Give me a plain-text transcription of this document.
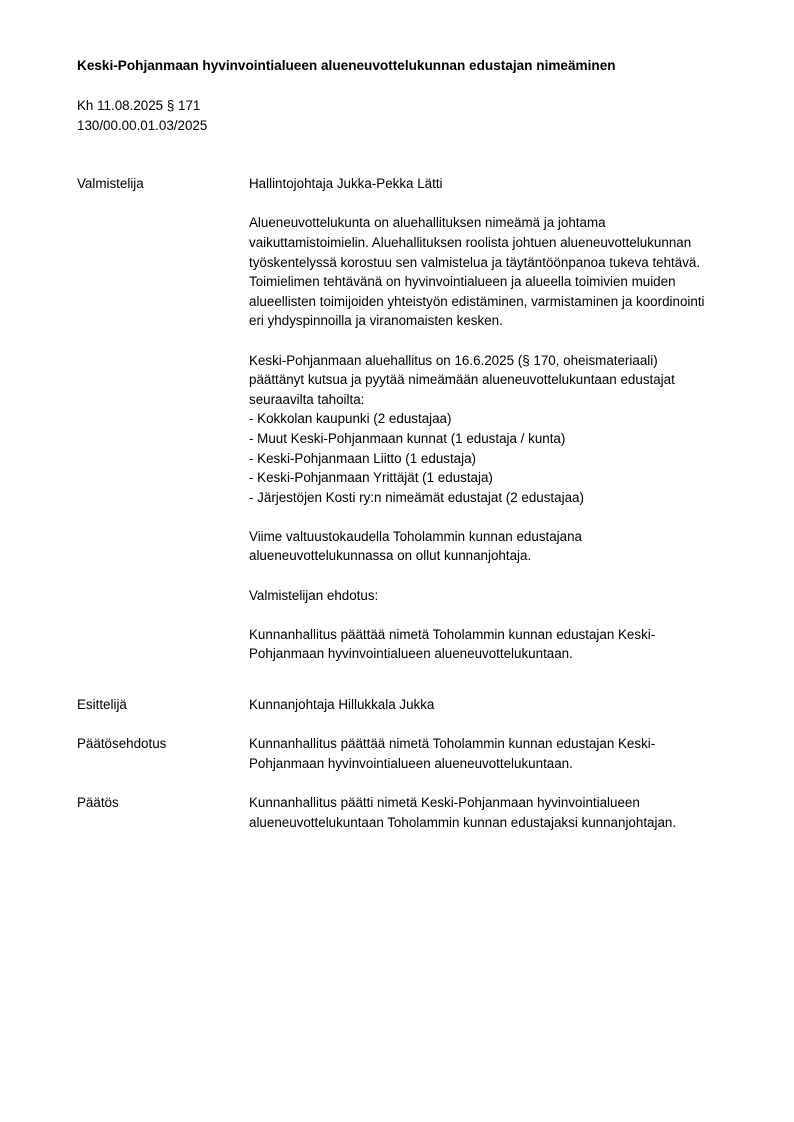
Keski-Pohjanmaan hyvinvointialueen alueneuvottelukunnan edustajan nimeäminen
Kh 11.08.2025 § 171
130/00.00.01.03/2025
Valmistelija	Hallintojohtaja Jukka-Pekka Lätti

Alueneuvottelukunta on aluehallituksen nimeämä ja johtama
vaikuttamistoimielin. Aluehallituksen roolista johtuen alueneuvottelukunnan
työskentelyssä korostuu sen valmistelua ja täytäntöönpanoa tukeva tehtävä.
Toimielimen tehtävänä on hyvinvointialueen ja alueella toimivien muiden
alueellisten toimijoiden yhteistyön edistäminen, varmistaminen ja koordinointi
eri yhdyspinnoilla ja viranomaisten kesken.

Keski-Pohjanmaan aluehallitus on 16.6.2025 (§ 170, oheismateriaali)
päättänyt kutsua ja pyytää nimeämään alueneuvottelukuntaan edustajat
seuraavilta tahoilta:
- Kokkolan kaupunki (2 edustajaa)
- Muut Keski-Pohjanmaan kunnat (1 edustaja / kunta)
- Keski-Pohjanmaan Liitto (1 edustaja)
- Keski-Pohjanmaan Yrittäjät (1 edustaja)
- Järjestöjen Kosti ry:n nimeämät edustajat (2 edustajaa)

Viime valtuustokaudella Toholammin kunnan edustajana
alueneuvottelukunnassa on ollut kunnanjohtaja.

Valmistelijan ehdotus:

Kunnanhallitus päättää nimetä Toholammin kunnan edustajan Keski-
Pohjanmaan hyvinvointialueen alueneuvottelukuntaan.

Esittelijä	Kunnanjohtaja Hillukkala Jukka
Päätösehdotus	Kunnanhallitus päättää nimetä Toholammin kunnan edustajan Keski-
Pohjanmaan hyvinvointialueen alueneuvottelukuntaan.
Päätös	Kunnanhallitus päätti nimetä Keski-Pohjanmaan hyvinvointialueen
alueneuvottelukuntaan Toholammin kunnan edustajaksi kunnanjohtajan.
